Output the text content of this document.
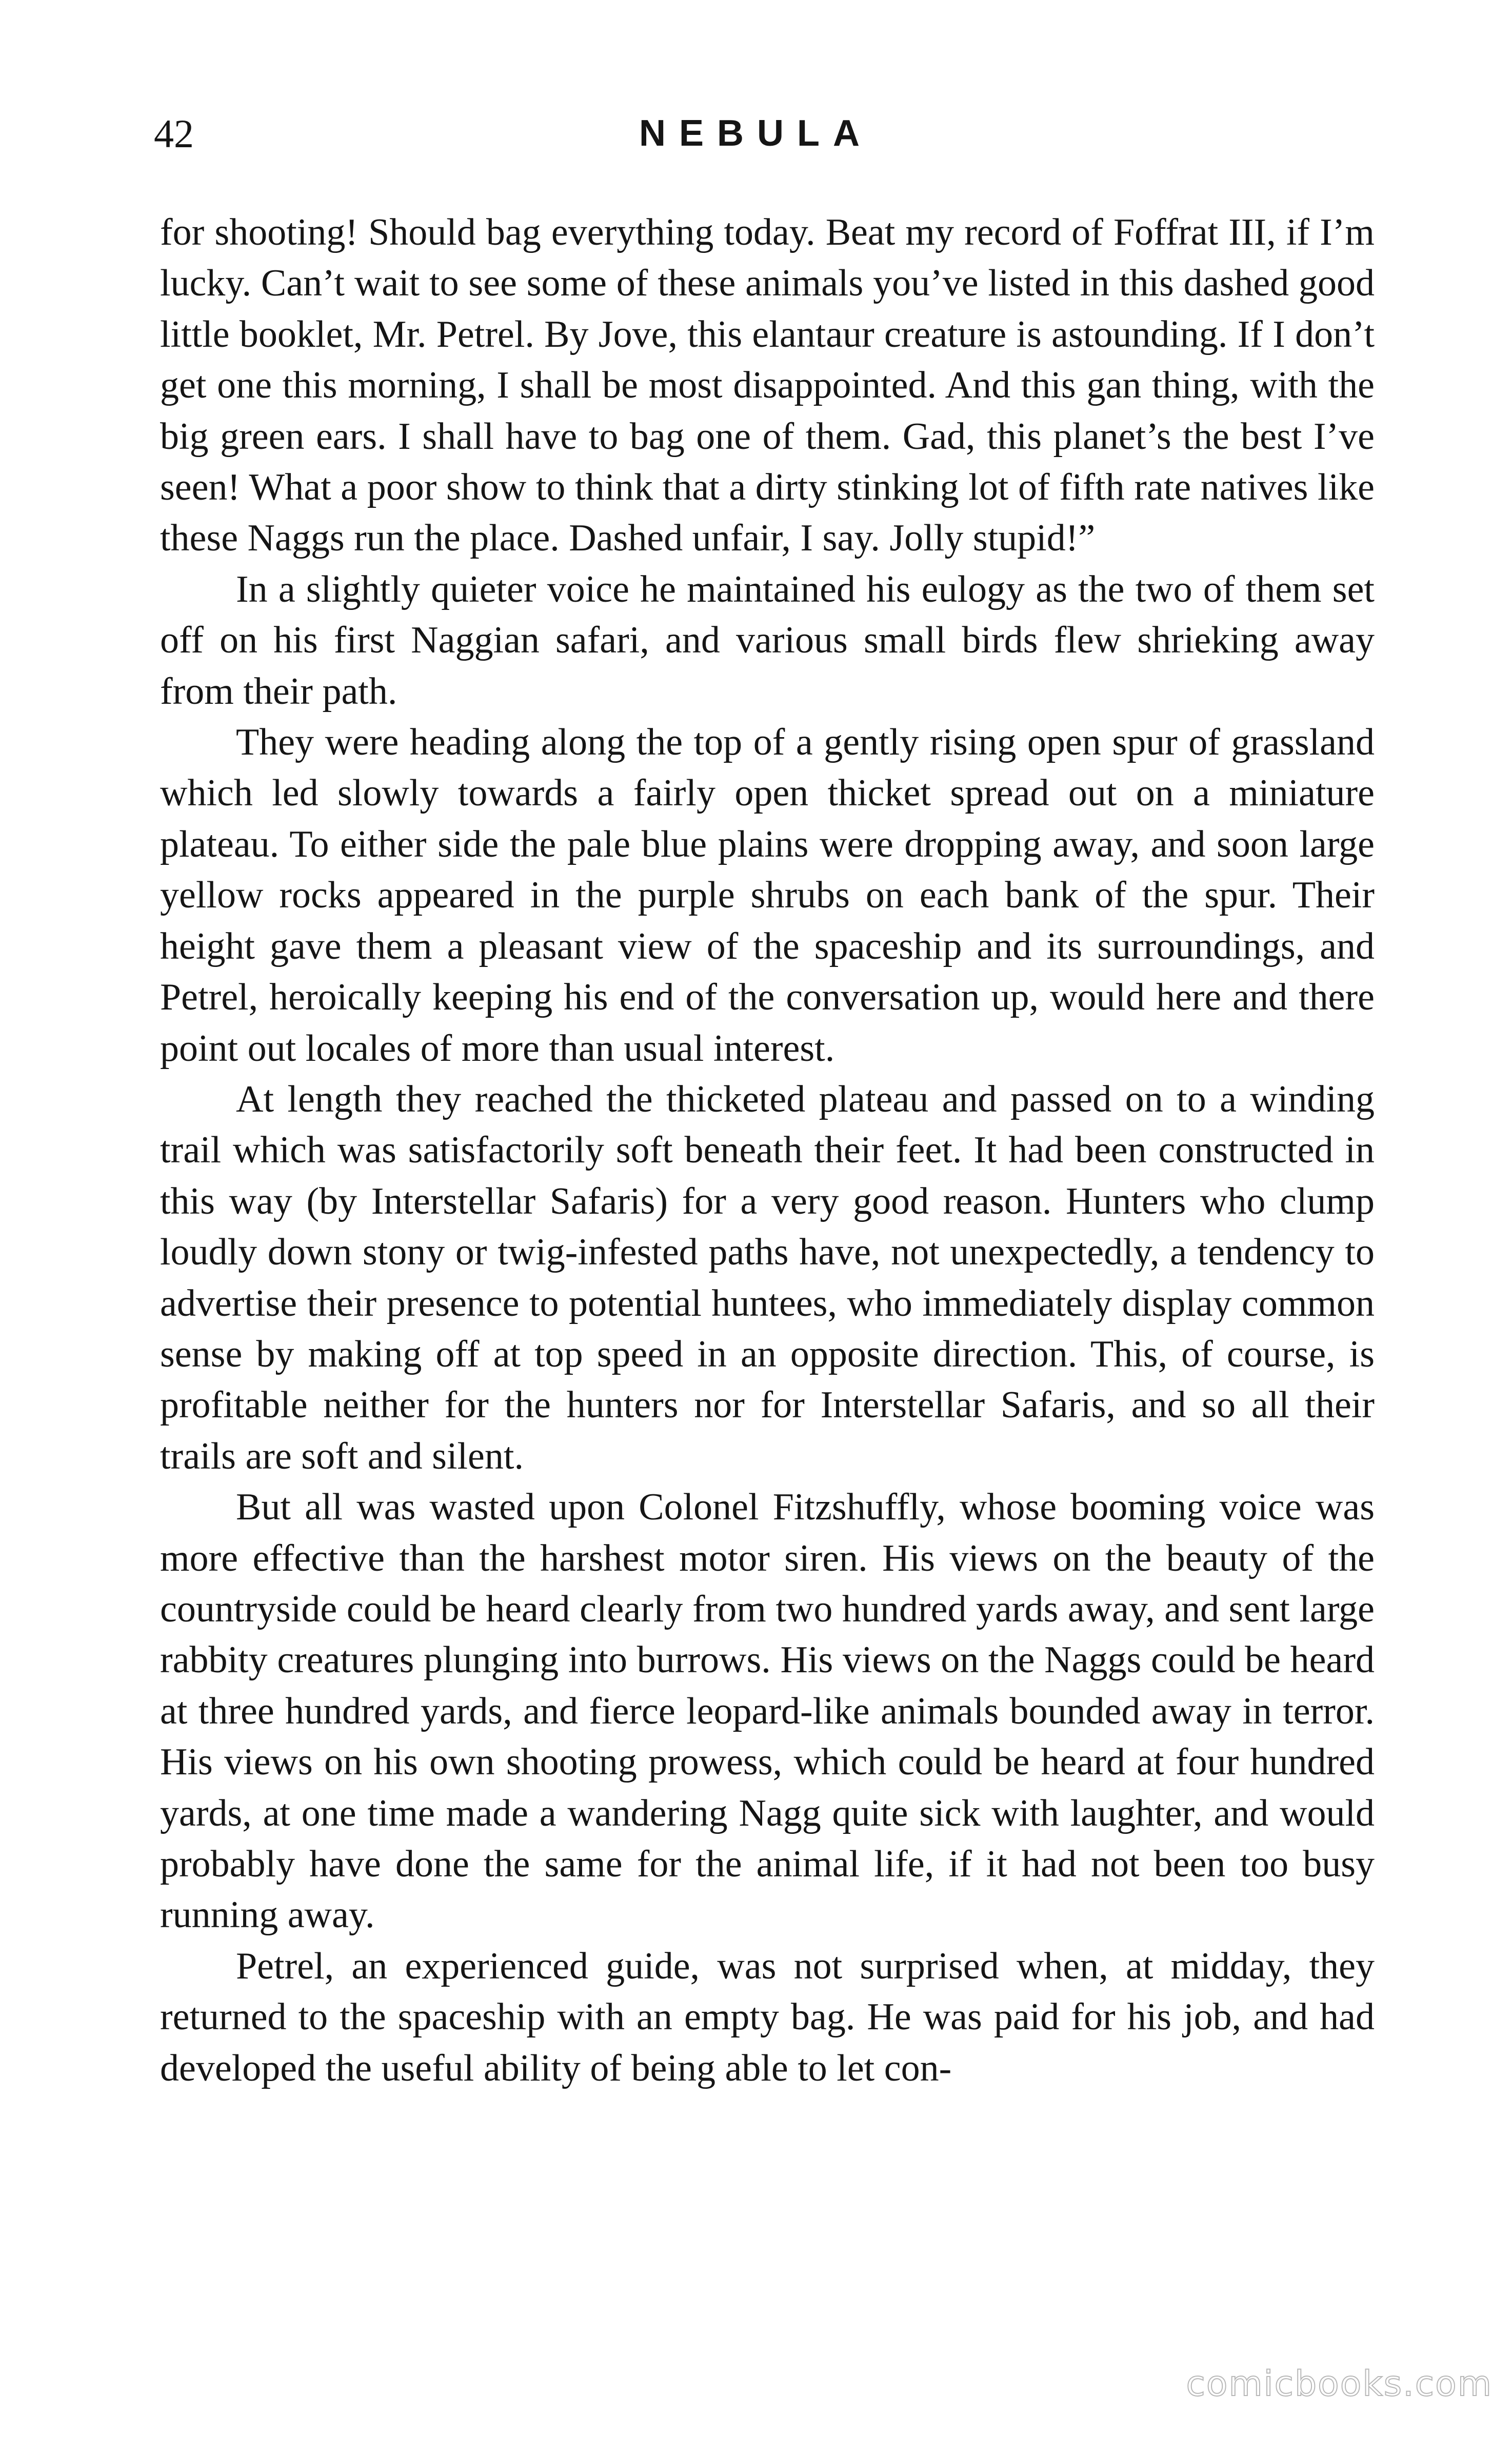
42	NEBULA

for shooting! Should bag everything today. Beat my record of Foffrat III, if I’m lucky. Can’t wait to see some of these animals you’ve listed in this dashed good little booklet, Mr. Petrel. By Jove, this elantaur creature is astounding. If I don’t get one this morning, I shall be most disappointed. And this gan thing, with the big green ears. I shall have to bag one of them. Gad, this planet’s the best I’ve seen! What a poor show to think that a dirty stinking lot of fifth rate natives like these Naggs run the place. Dashed unfair, I say. Jolly stupid!”

In a slightly quieter voice he maintained his eulogy as the two of them set off on his first Naggian safari, and various small birds flew shrieking away from their path.

They were heading along the top of a gently rising open spur of grassland which led slowly towards a fairly open thicket spread out on a miniature plateau. To either side the pale blue plains were dropping away, and soon large yellow rocks appeared in the purple shrubs on each bank of the spur. Their height gave them a pleasant view of the spaceship and its surroundings, and Petrel, heroically keeping his end of the conversation up, would here and there point out locales of more than usual interest.

At length they reached the thicketed plateau and passed on to a winding trail which was satisfactorily soft beneath their feet. It had been constructed in this way (by Interstellar Safaris) for a very good reason. Hunters who clump loudly down stony or twig-infested paths have, not unexpectedly, a tendency to advertise their presence to potential huntees, who immediately display common sense by making off at top speed in an opposite direction. This, of course, is profitable neither for the hunters nor for Interstellar Safaris, and so all their trails are soft and silent.

But all was wasted upon Colonel Fitzshuffly, whose booming voice was more effective than the harshest motor siren. His views on the beauty of the countryside could be heard clearly from two hundred yards away, and sent large rabbity creatures plunging into burrows. His views on the Naggs could be heard at three hundred yards, and fierce leopard-like animals bounded away in terror. His views on his own shooting prowess, which could be heard at four hundred yards, at one time made a wandering Nagg quite sick with laughter, and would probably have done the same for the animal life, if it had not been too busy running away.

Petrel, an experienced guide, was not surprised when, at midday, they returned to the spaceship with an empty bag. He was paid for his job, and had developed the useful ability of being able to let con-

comicbooks.com
